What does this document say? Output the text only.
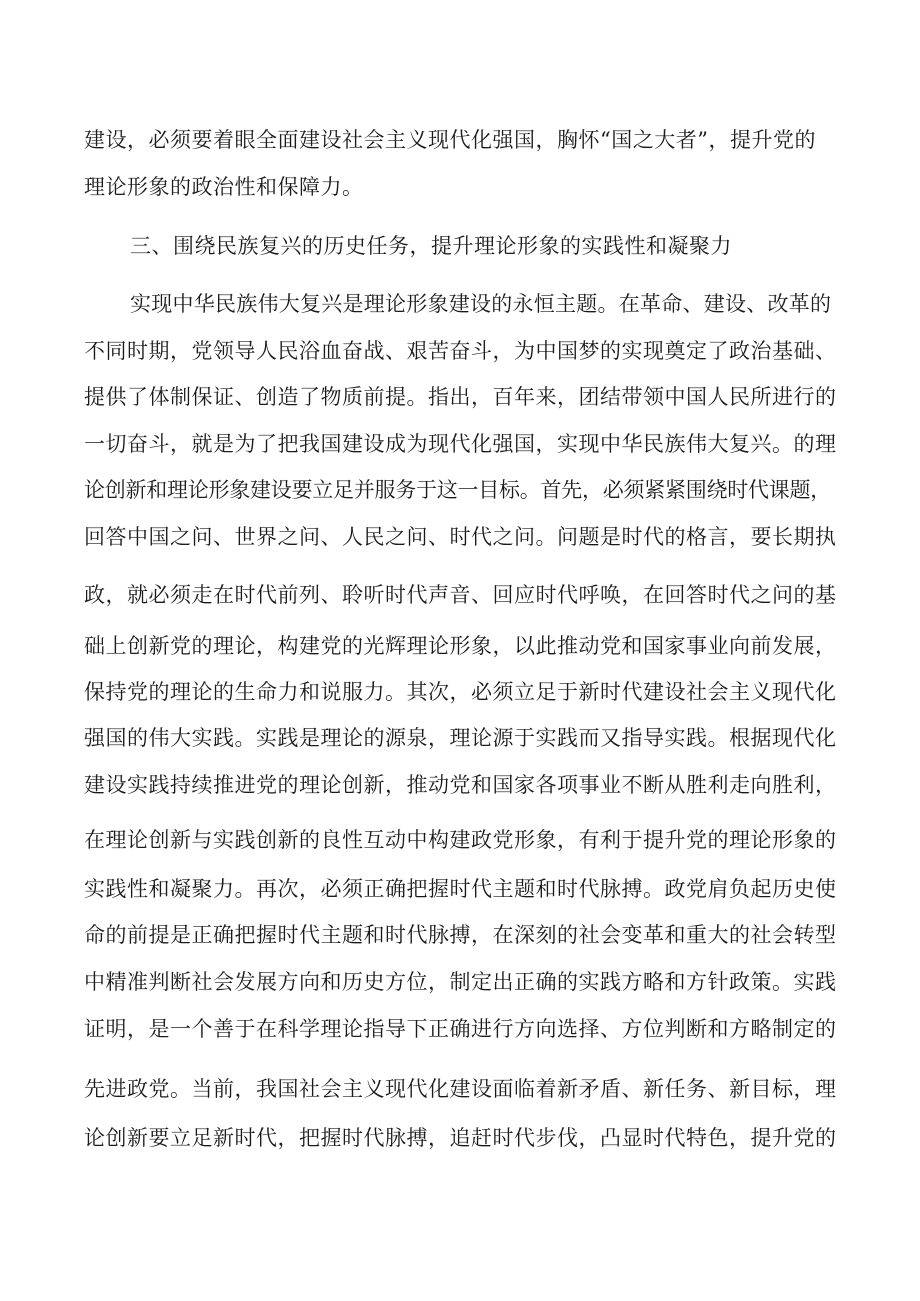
建设，必须要着眼全面建设社会主义现代化强国，胸怀“国之大者”，提升党的
理论形象的政治性和保障力。
三、围绕民族复兴的历史任务，提升理论形象的实践性和凝聚力
实现中华民族伟大复兴是理论形象建设的永恒主题。在革命、建设、改革的
不同时期，党领导人民浴血奋战、艰苦奋斗，为中国梦的实现奠定了政治基础、
提供了体制保证、创造了物质前提。指出，百年来，团结带领中国人民所进行的
一切奋斗，就是为了把我国建设成为现代化强国，实现中华民族伟大复兴。的理
论创新和理论形象建设要立足并服务于这一目标。首先，必须紧紧围绕时代课题，
回答中国之问、世界之问、人民之问、时代之问。问题是时代的格言，要长期执
政，就必须走在时代前列、聆听时代声音、回应时代呼唤，在回答时代之问的基
础上创新党的理论，构建党的光辉理论形象，以此推动党和国家事业向前发展，
保持党的理论的生命力和说服力。其次，必须立足于新时代建设社会主义现代化
强国的伟大实践。实践是理论的源泉，理论源于实践而又指导实践。根据现代化
建设实践持续推进党的理论创新，推动党和国家各项事业不断从胜利走向胜利，
在理论创新与实践创新的良性互动中构建政党形象，有利于提升党的理论形象的
实践性和凝聚力。再次，必须正确把握时代主题和时代脉搏。政党肩负起历史使
命的前提是正确把握时代主题和时代脉搏，在深刻的社会变革和重大的社会转型
中精准判断社会发展方向和历史方位，制定出正确的实践方略和方针政策。实践
证明，是一个善于在科学理论指导下正确进行方向选择、方位判断和方略制定的
先进政党。当前，我国社会主义现代化建设面临着新矛盾、新任务、新目标，理
论创新要立足新时代，把握时代脉搏，追赶时代步伐，凸显时代特色，提升党的
